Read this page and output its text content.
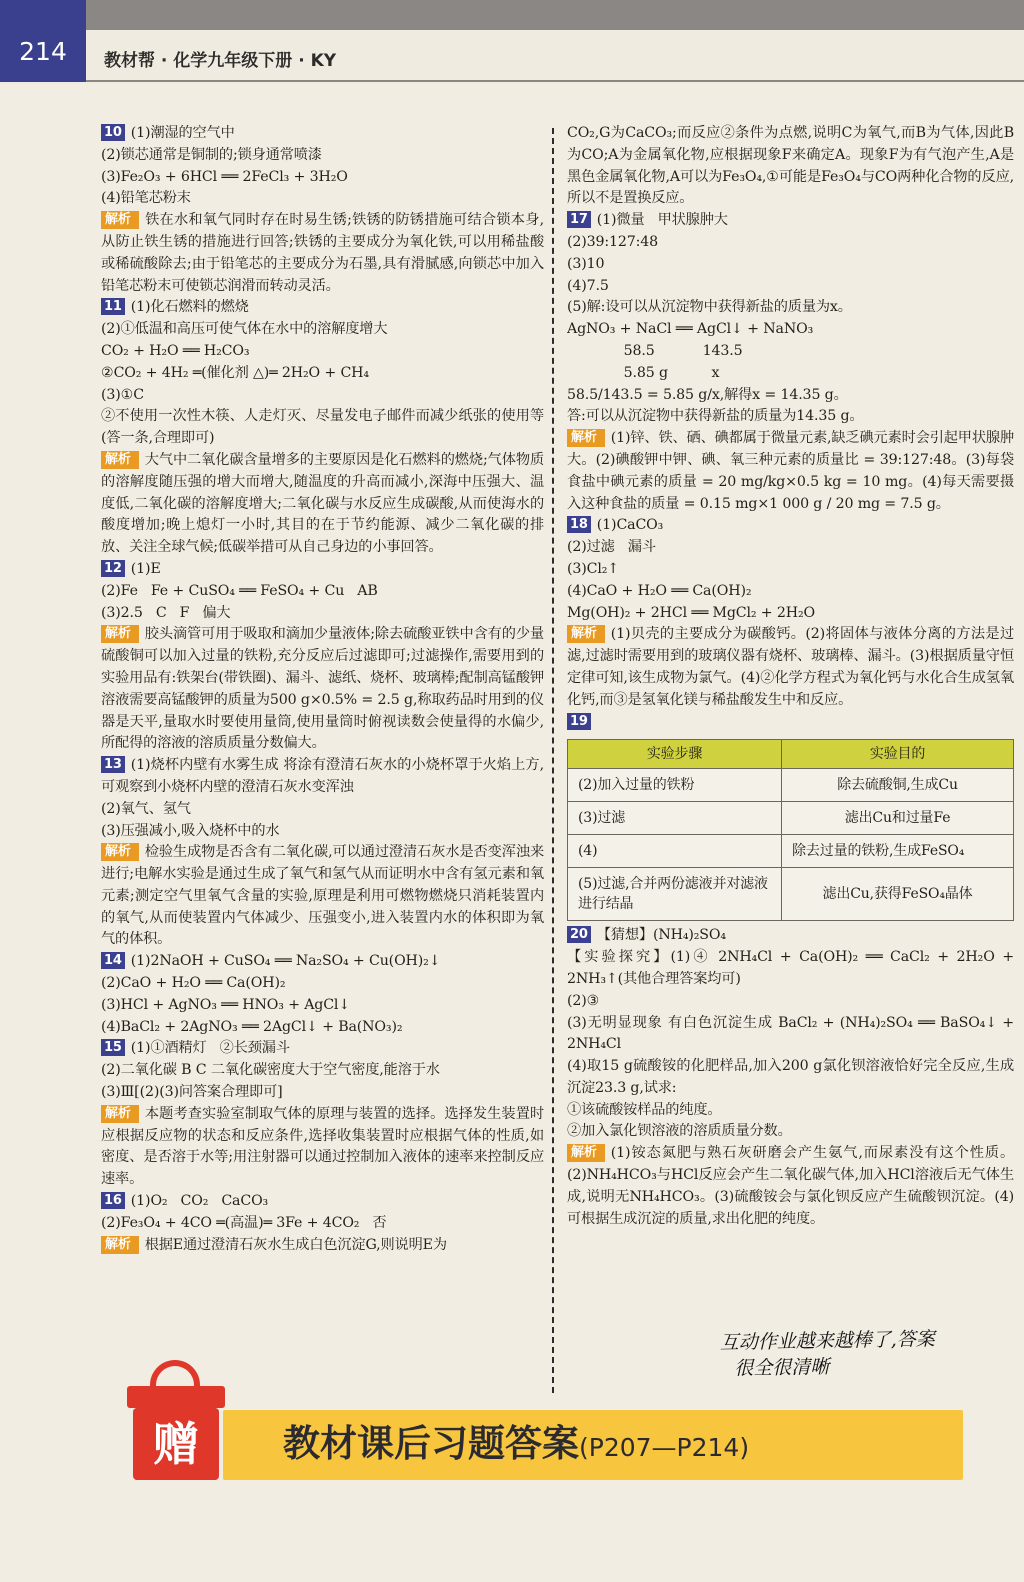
214	教材帮 · 化学九年级下册 · KY
10 (1)潮湿的空气中
(2)锁芯通常是铜制的;锁身通常喷漆
(3)Fe₂O₃ + 6HCl ══ 2FeCl₃ + 3H₂O
(4)铅笔芯粉末
解析 铁在水和氧气同时存在时易生锈;铁锈的防锈措施可结合锁本身,从防止铁生锈的措施进行回答;铁锈的主要成分为氧化铁,可以用稀盐酸或稀硫酸除去;由于铅笔芯的主要成分为石墨,具有滑腻感,向锁芯中加入铅笔芯粉末可使锁芯润滑而转动灵活。
11 (1)化石燃料的燃烧
(2)①低温和高压可使气体在水中的溶解度增大
CO₂ + H₂O ══ H₂CO₃
②CO₂ + 4H₂ ═(催化剂 △)═ 2H₂O + CH₄
(3)①C
②不使用一次性木筷、人走灯灭、尽量发电子邮件而减少纸张的使用等(答一条,合理即可)
解析 大气中二氧化碳含量增多的主要原因是化石燃料的燃烧;气体物质的溶解度随压强的增大而增大,随温度的升高而减小,深海中压强大、温度低,二氧化碳的溶解度增大;二氧化碳与水反应生成碳酸,从而使海水的酸度增加;晚上熄灯一小时,其目的在于节约能源、减少二氧化碳的排放、关注全球气候;低碳举措可从自己身边的小事回答。
12 (1)E
(2)Fe   Fe + CuSO₄ ══ FeSO₄ + Cu   AB
(3)2.5   C   F   偏大
解析 胶头滴管可用于吸取和滴加少量液体;除去硫酸亚铁中含有的少量硫酸铜可以加入过量的铁粉,充分反应后过滤即可;过滤操作,需要用到的实验用品有:铁架台(带铁圈)、漏斗、滤纸、烧杯、玻璃棒;配制高锰酸钾溶液需要高锰酸钾的质量为500 g×0.5% = 2.5 g,称取药品时用到的仪器是天平,量取水时要使用量筒,使用量筒时俯视读数会使量得的水偏少,所配得的溶液的溶质质量分数偏大。
13 (1)烧杯内壁有水雾生成 将涂有澄清石灰水的小烧杯罩于火焰上方,可观察到小烧杯内壁的澄清石灰水变浑浊
(2)氧气、氢气
(3)压强减小,吸入烧杯中的水
解析 检验生成物是否含有二氧化碳,可以通过澄清石灰水是否变浑浊来进行;电解水实验是通过生成了氧气和氢气从而证明水中含有氢元素和氧元素;测定空气里氧气含量的实验,原理是利用可燃物燃烧只消耗装置内的氧气,从而使装置内气体减少、压强变小,进入装置内水的体积即为氧气的体积。
14 (1)2NaOH + CuSO₄ ══ Na₂SO₄ + Cu(OH)₂↓
(2)CaO + H₂O ══ Ca(OH)₂
(3)HCl + AgNO₃ ══ HNO₃ + AgCl↓
(4)BaCl₂ + 2AgNO₃ ══ 2AgCl↓ + Ba(NO₃)₂
15 (1)①酒精灯   ②长颈漏斗
(2)二氧化碳 B C 二氧化碳密度大于空气密度,能溶于水
(3)Ⅲ[(2)(3)问答案合理即可]
解析 本题考查实验室制取气体的原理与装置的选择。选择发生装置时应根据反应物的状态和反应条件,选择收集装置时应根据气体的性质,如密度、是否溶于水等;用注射器可以通过控制加入液体的速率来控制反应速率。
16 (1)O₂   CO₂   CaCO₃
(2)Fe₃O₄ + 4CO ═(高温)═ 3Fe + 4CO₂   否
解析 根据E通过澄清石灰水生成白色沉淀G,则说明E为
CO₂,G为CaCO₃;而反应②条件为点燃,说明C为氧气,而B为气体,因此B为CO;A为金属氧化物,应根据现象F来确定A。现象F为有气泡产生,A是黑色金属氧化物,A可以为Fe₃O₄,①可能是Fe₃O₄与CO两种化合物的反应,所以不是置换反应。
17 (1)微量   甲状腺肿大
(2)39:127:48
(3)10
(4)7.5
(5)解:设可以从沉淀物中获得新盐的质量为x。
AgNO₃ + NaCl ══ AgCl↓ + NaNO₃
58.5           143.5
5.85 g          x
58.5/143.5 = 5.85 g/x,解得x = 14.35 g。
答:可以从沉淀物中获得新盐的质量为14.35 g。
解析 (1)锌、铁、硒、碘都属于微量元素,缺乏碘元素时会引起甲状腺肿大。(2)碘酸钾中钾、碘、氧三种元素的质量比 = 39:127:48。(3)每袋食盐中碘元素的质量 = 20 mg/kg×0.5 kg = 10 mg。(4)每天需要摄入这种食盐的质量 = 0.15 mg×1 000 g / 20 mg = 7.5 g。
18 (1)CaCO₃
(2)过滤   漏斗
(3)Cl₂↑
(4)CaO + H₂O ══ Ca(OH)₂
Mg(OH)₂ + 2HCl ══ MgCl₂ + 2H₂O
解析 (1)贝壳的主要成分为碳酸钙。(2)将固体与液体分离的方法是过滤,过滤时需要用到的玻璃仪器有烧杯、玻璃棒、漏斗。(3)根据质量守恒定律可知,该生成物为氯气。(4)②化学方程式为氧化钙与水化合生成氢氧化钙,而③是氢氧化镁与稀盐酸发生中和反应。
19
实验步骤	实验目的
(2)加入过量的铁粉	除去硫酸铜,生成Cu
(3)过滤	滤出Cu和过量Fe
(4)	除去过量的铁粉,生成FeSO₄
(5)过滤,合并两份滤液并对滤液进行结晶	滤出Cu,获得FeSO₄晶体
20 【猜想】(NH₄)₂SO₄
【实验探究】(1)④ 2NH₄Cl + Ca(OH)₂ ══ CaCl₂ + 2H₂O + 2NH₃↑(其他合理答案均可)
(2)③
(3)无明显现象 有白色沉淀生成 BaCl₂ + (NH₄)₂SO₄ ══ BaSO₄↓ + 2NH₄Cl
(4)取15 g硫酸铵的化肥样品,加入200 g氯化钡溶液恰好完全反应,生成沉淀23.3 g,试求:
①该硫酸铵样品的纯度。
②加入氯化钡溶液的溶质质量分数。
解析 (1)铵态氮肥与熟石灰研磨会产生氨气,而尿素没有这个性质。(2)NH₄HCO₃与HCl反应会产生二氧化碳气体,加入HCl溶液后无气体生成,说明无NH₄HCO₃。(3)硫酸铵会与氯化钡反应产生硫酸钡沉淀。(4)可根据生成沉淀的质量,求出化肥的纯度。
互动作业越来越棒了,答案
很全很清晰
赠	教材课后习题答案(P207—P214)
